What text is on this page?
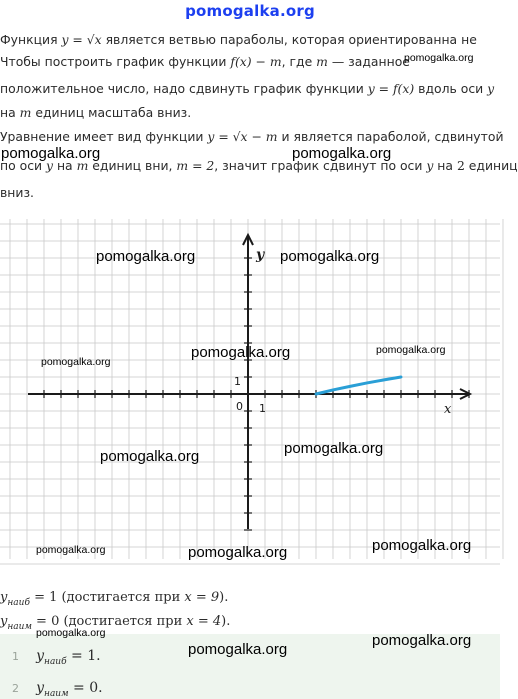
pomogalka.org
Функция y = √x является ветвью параболы, которая ориентированна не
Чтобы построить график функции f(x) − m, где m — заданное
положительное число, надо сдвинуть график функции y = f(x) вдоль оси y
на m единиц масштаба вниз.
Уравнение имеет вид функции y = √x − m и является параболой, сдвинутой
по оси y на m единиц вни, m = 2, значит график сдвинут по оси y на 2 единиц
вниз.
x
y
0 1
1
pomogalka.org	pomogalka.org
pomogalka.org
pomogalka.org
pomogalka.org
pomogalka.org	pomogalka.org
pomogalka.org	pomogalka.org	pomogalka.org
pomogalka.org	pomogalka.org
pomogalka.org
$y_{наиб} = 1$ (достигается при x = 9).
$y_{наим} = 0$ (достигается при x = 4).
pomogalka.org
pomogalka.org
pomogalka.org
1 $y_{наиб} = 1$.
2 $y_{наим} = 0$.
